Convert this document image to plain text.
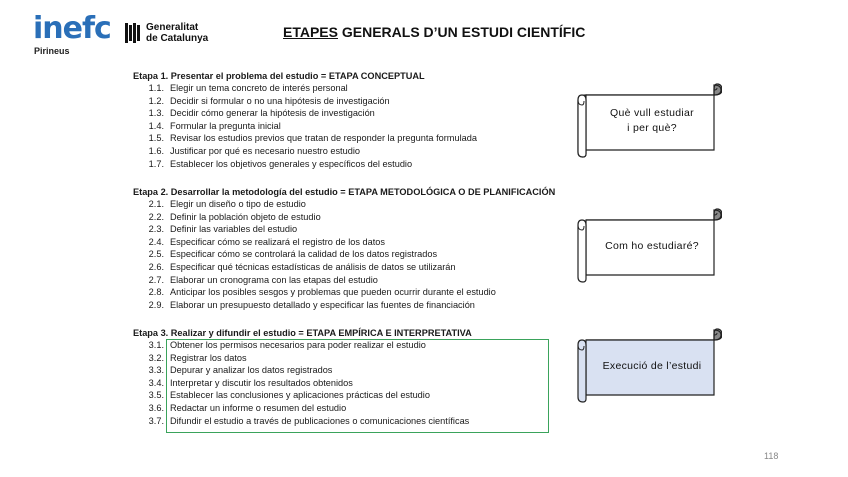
inefc
Pirineus
Generalitat
de Catalunya	ETAPES GENERALS D’UN ESTUDI CIENTÍFIC
Etapa 1. Presentar el problema del estudio = ETAPA CONCEPTUAL
1.1. Elegir un tema concreto de interés personal
1.2. Decidir si formular o no una hipótesis de investigación
1.3. Decidir cómo generar la hipótesis de investigación
1.4. Formular la pregunta inicial
1.5. Revisar los estudios previos que tratan de responder la pregunta formulada
1.6. Justificar por qué es necesario nuestro estudio
1.7. Establecer los objetivos generales y específicos del estudio
Etapa 2. Desarrollar la metodología del estudio = ETAPA METODOLÓGICA O DE PLANIFICACIÓN
2.1. Elegir un diseño o tipo de estudio
2.2. Definir la población objeto de estudio
2.3. Definir las variables del estudio
2.4. Especificar cómo se realizará el registro de los datos
2.5. Especificar cómo se controlará la calidad de los datos registrados
2.6. Especificar qué técnicas estadísticas de análisis de datos se utilizarán
2.7. Elaborar un cronograma con las etapas del estudio
2.8. Anticipar los posibles sesgos y problemas que pueden ocurrir durante el estudio
2.9. Elaborar un presupuesto detallado y especificar las fuentes de financiación
Etapa 3. Realizar y difundir el estudio = ETAPA EMPÍRICA E INTERPRETATIVA
3.1. Obtener los permisos necesarios para poder realizar el estudio
3.2. Registrar los datos
3.3. Depurar y analizar los datos registrados
3.4. Interpretar y discutir los resultados obtenidos
3.5. Establecer las conclusiones y aplicaciones prácticas del estudio
3.6. Redactar un informe o resumen del estudio
3.7. Difundir el estudio a través de publicaciones o comunicaciones científicas
Què vull estudiar
i per què?
Com ho estudiaré?
Execució de l’estudi
118
